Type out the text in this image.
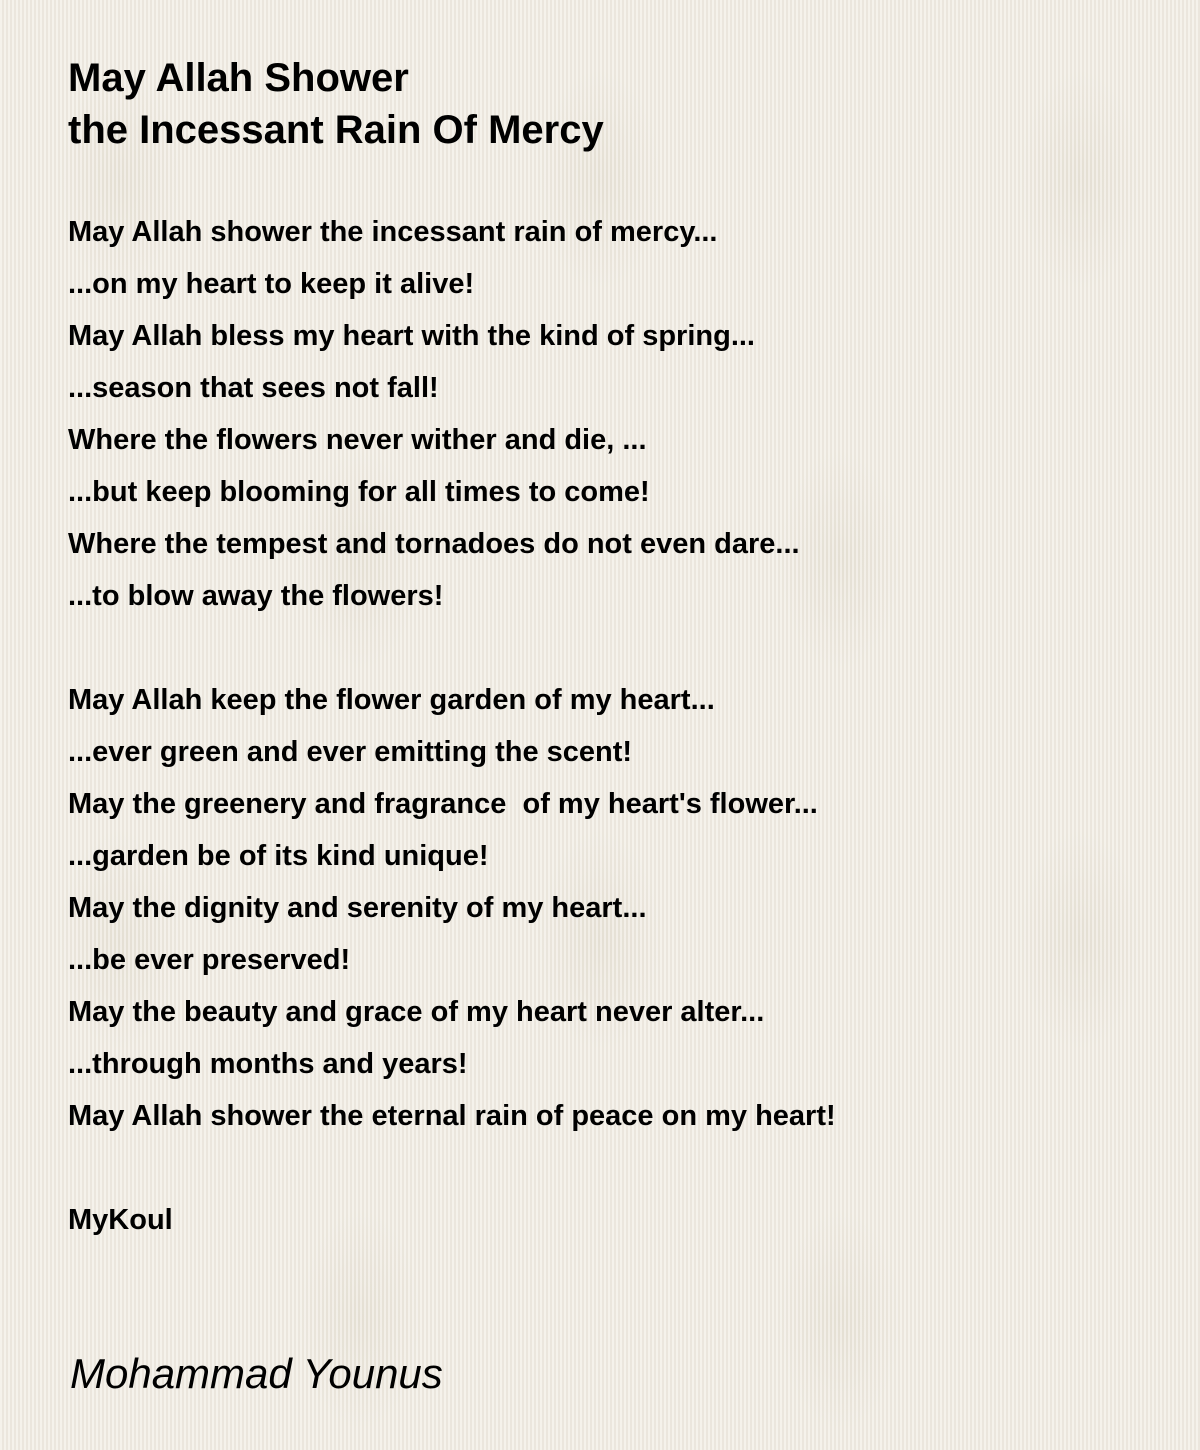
May Allah Shower
the Incessant Rain Of Mercy
May Allah shower the incessant rain of mercy...
...on my heart to keep it alive!
May Allah bless my heart with the kind of spring...
...season that sees not fall!
Where the flowers never wither and die, ...
...but keep blooming for all times to come!
Where the tempest and tornadoes do not even dare...
...to blow away the flowers!
May Allah keep the flower garden of my heart...
...ever green and ever emitting the scent!
May the greenery and fragrance  of my heart's flower...
...garden be of its kind unique!
May the dignity and serenity of my heart...
...be ever preserved!
May the beauty and grace of my heart never alter...
...through months and years!
May Allah shower the eternal rain of peace on my heart!
MyKoul
Mohammad Younus
